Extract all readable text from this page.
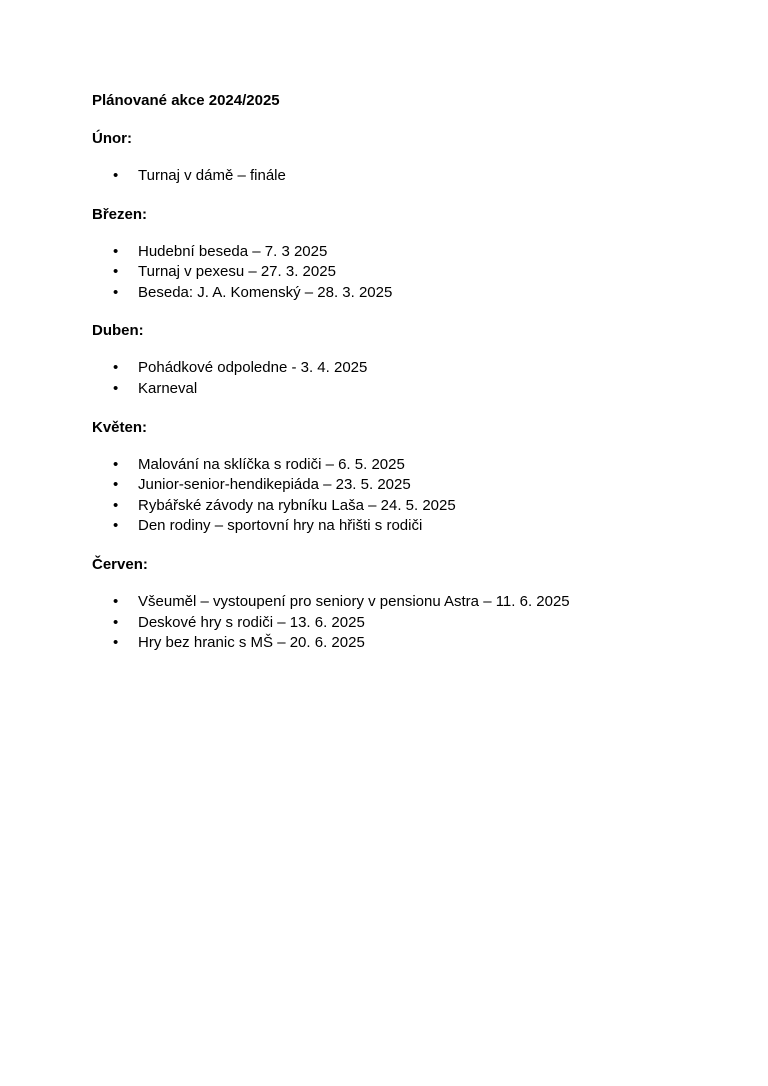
Plánované akce 2024/2025
Únor:
• Turnaj v dámě – finále
Březen:
• Hudební beseda – 7. 3 2025
• Turnaj v pexesu – 27. 3. 2025
• Beseda: J. A. Komenský – 28. 3. 2025
Duben:
• Pohádkové odpoledne - 3. 4. 2025
• Karneval
Květen:
• Malování na sklíčka s rodiči – 6. 5. 2025
• Junior-senior-hendikepiáda – 23. 5. 2025
• Rybářské závody na rybníku Laša – 24. 5. 2025
• Den rodiny – sportovní hry na hřišti s rodiči
Červen:
• Všeuměl – vystoupení pro seniory v pensionu Astra – 11. 6. 2025
• Deskové hry s rodiči – 13. 6. 2025
• Hry bez hranic s MŠ – 20. 6. 2025
